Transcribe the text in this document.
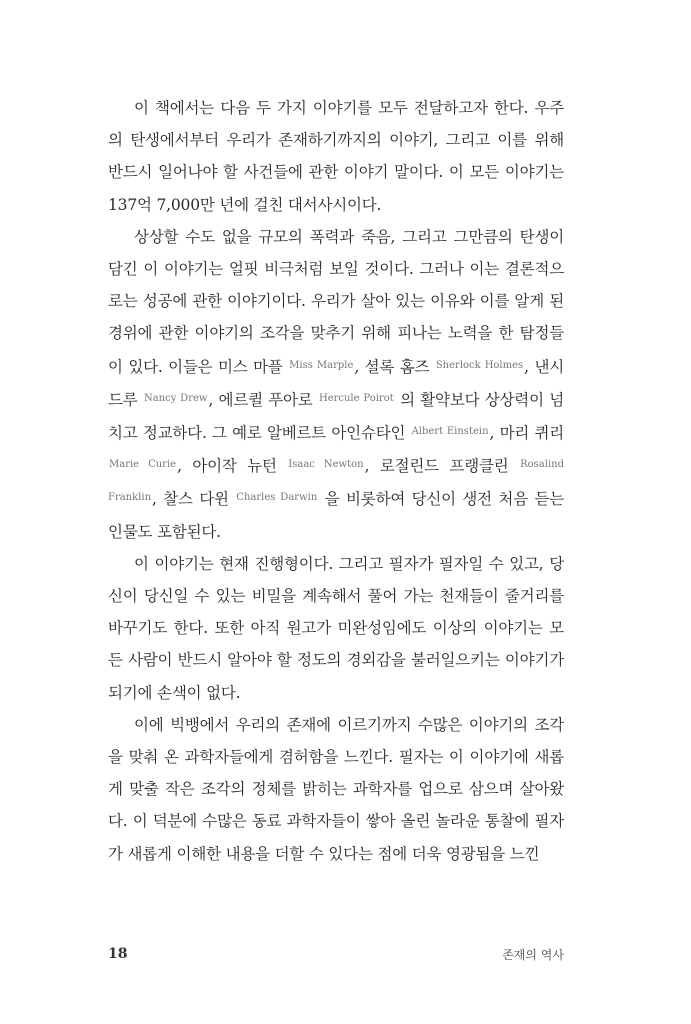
이 책에서는 다음 두 가지 이야기를 모두 전달하고자 한다. 우주의 탄생에서부터 우리가 존재하기까지의 이야기, 그리고 이를 위해 반드시 일어나야 할 사건들에 관한 이야기 말이다. 이 모든 이야기는 137억 7,000만 년에 걸친 대서사시이다.

상상할 수도 없을 규모의 폭력과 죽음, 그리고 그만큼의 탄생이 담긴 이 이야기는 얼핏 비극처럼 보일 것이다. 그러나 이는 결론적으로는 성공에 관한 이야기이다. 우리가 살아 있는 이유와 이를 알게 된 경위에 관한 이야기의 조각을 맞추기 위해 피나는 노력을 한 탐정들이 있다. 이들은 미스 마플 $^{Miss Marple}$, 셜록 홈즈 $^{Sherlock Holmes}$, 낸시 드루 $^{Nancy Drew}$, 에르퀼 푸아로 $^{Hercule Poirot}$ 의 활약보다 상상력이 넘치고 정교하다. 그 예로 알베르트 아인슈타인 $^{Albert Einstein}$, 마리 퀴리 $^{Marie Curie}$, 아이작 뉴턴 $^{Isaac Newton}$, 로절린드 프랭클린 $^{Rosalind Franklin}$, 찰스 다윈 $^{Charles Darwin}$ 을 비롯하여 당신이 생전 처음 듣는 인물도 포함된다.

이 이야기는 현재 진행형이다. 그리고 필자가 필자일 수 있고, 당신이 당신일 수 있는 비밀을 계속해서 풀어 가는 천재들이 줄거리를 바꾸기도 한다. 또한 아직 원고가 미완성임에도 이상의 이야기는 모든 사람이 반드시 알아야 할 정도의 경외감을 불러일으키는 이야기가 되기에 손색이 없다.

이에 빅뱅에서 우리의 존재에 이르기까지 수많은 이야기의 조각을 맞춰 온 과학자들에게 겸허함을 느낀다. 필자는 이 이야기에 새롭게 맞출 작은 조각의 정체를 밝히는 과학자를 업으로 삼으며 살아왔다. 이 덕분에 수많은 동료 과학자들이 쌓아 올린 놀라운 통찰에 필자가 새롭게 이해한 내용을 더할 수 있다는 점에 더욱 영광됨을 느낀

18	존재의 역사
